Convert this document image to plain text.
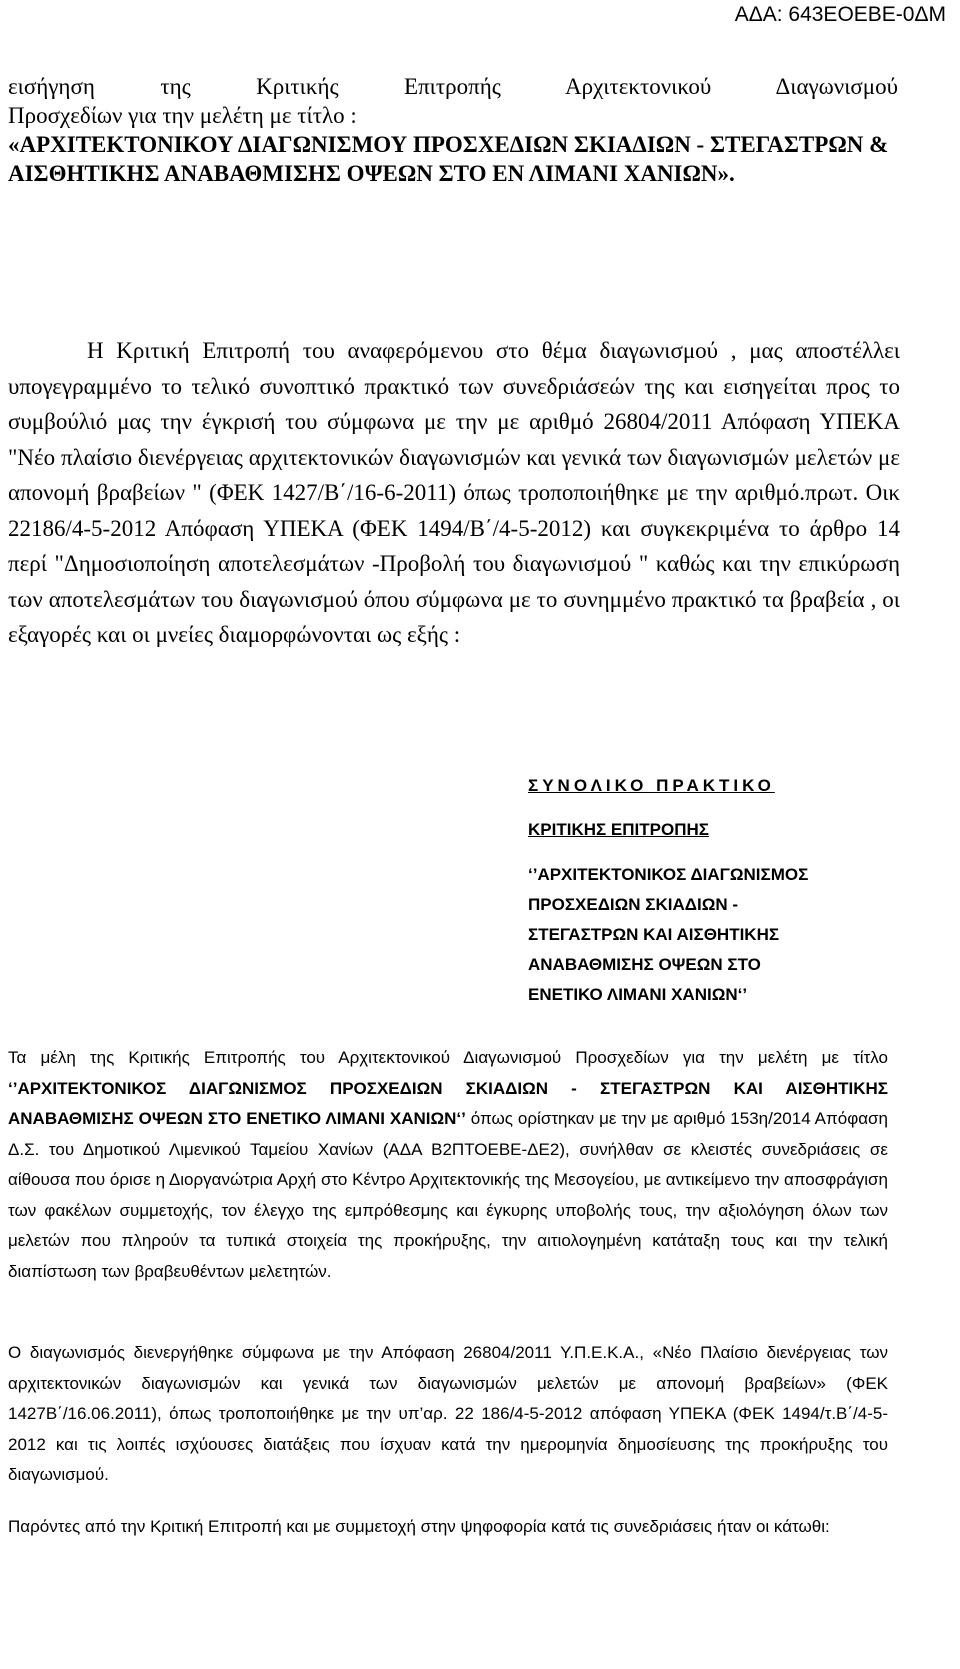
ΑΔΑ: 643ΕΟΕΒΕ-0ΔΜ
εισήγηση της Κριτικής Επιτροπής Αρχιτεκτονικού Διαγωνισμού
Προσχεδίων για την μελέτη με τίτλο :
«ΑΡΧΙΤΕΚΤΟΝΙΚΟΥ ΔΙΑΓΩΝΙΣΜΟΥ ΠΡΟΣΧΕΔΙΩΝ ΣΚΙΑΔΙΩΝ - ΣΤΕΓΑΣΤΡΩΝ & ΑΙΣΘΗΤΙΚΗΣ ΑΝΑΒΑΘΜΙΣΗΣ ΟΨΕΩΝ ΣΤΟ ΕΝ ΛΙΜΑΝΙ ΧΑΝΙΩΝ».
Η Κριτική Επιτροπή του αναφερόμενου στο θέμα διαγωνισμού , μας αποστέλλει υπογεγραμμένο το τελικό συνοπτικό πρακτικό των συνεδριάσεών της και εισηγείται προς το συμβούλιό μας την έγκρισή του σύμφωνα με την με αριθμό 26804/2011 Απόφαση ΥΠΕΚΑ "Νέο πλαίσιο διενέργειας αρχιτεκτονικών διαγωνισμών και γενικά των διαγωνισμών μελετών με απονομή βραβείων " (ΦΕΚ 1427/Β΄/16-6-2011) όπως τροποποιήθηκε με την αριθμό.πρωτ. Οικ 22186/4-5-2012 Απόφαση ΥΠΕΚΑ (ΦΕΚ 1494/Β΄/4-5-2012) και συγκεκριμένα το άρθρο 14 περί "Δημοσιοποίηση αποτελεσμάτων -Προβολή του διαγωνισμού " καθώς και την επικύρωση των αποτελεσμάτων του διαγωνισμού όπου σύμφωνα με το συνημμένο πρακτικό τα βραβεία , οι εξαγορές και οι μνείες διαμορφώνονται ως εξής :
ΣΥΝΟΛΙΚΟ ΠΡΑΚΤΙΚΟ
ΚΡΙΤΙΚΗΣ ΕΠΙΤΡΟΠΗΣ
‘’ΑΡΧΙΤΕΚΤΟΝΙΚΟΣ ΔΙΑΓΩΝΙΣΜΟΣ
ΠΡΟΣΧΕΔΙΩΝ ΣΚΙΑΔΙΩΝ -
ΣΤΕΓΑΣΤΡΩΝ ΚΑΙ ΑΙΣΘΗΤΙΚΗΣ
ΑΝΑΒΑΘΜΙΣΗΣ ΟΨΕΩΝ ΣΤΟ
ΕΝΕΤΙΚΟ ΛΙΜΑΝΙ ΧΑΝΙΩΝ‘’
Τα μέλη της Κριτικής Επιτροπής του Αρχιτεκτονικού Διαγωνισμού Προσχεδίων για την μελέτη με τίτλο ‘’ΑΡΧΙΤΕΚΤΟΝΙΚΟΣ ΔΙΑΓΩΝΙΣΜΟΣ ΠΡΟΣΧΕΔΙΩΝ ΣΚΙΑΔΙΩΝ - ΣΤΕΓΑΣΤΡΩΝ ΚΑΙ ΑΙΣΘΗΤΙΚΗΣ ΑΝΑΒΑΘΜΙΣΗΣ ΟΨΕΩΝ ΣΤΟ ΕΝΕΤΙΚΟ ΛΙΜΑΝΙ ΧΑΝΙΩΝ‘’ όπως ορίστηκαν με την με αριθμό 153η/2014 Απόφαση Δ.Σ. του Δημοτικού Λιμενικού Ταμείου Χανίων (ΑΔΑ Β2ΠΤΟΕΒΕ-ΔΕ2), συνήλθαν σε κλειστές συνεδριάσεις σε αίθουσα που όρισε η Διοργανώτρια Αρχή στο Κέντρο Αρχιτεκτονικής της Μεσογείου, με αντικείμενο την αποσφράγιση των φακέλων συμμετοχής, τον έλεγχο της εμπρόθεσμης και έγκυρης υποβολής τους, την αξιολόγηση όλων των μελετών που πληρούν τα τυπικά στοιχεία της προκήρυξης, την αιτιολογημένη κατάταξη τους και την τελική διαπίστωση των βραβευθέντων μελετητών.
Ο διαγωνισμός διενεργήθηκε σύμφωνα με την Απόφαση 26804/2011 Υ.Π.Ε.Κ.Α., «Νέο Πλαίσιο διενέργειας των αρχιτεκτονικών διαγωνισμών και γενικά των διαγωνισμών μελετών με απονομή βραβείων» (ΦΕΚ 1427Β΄/16.06.2011), όπως τροποποιήθηκε με την υπ’αρ. 22 186/4-5-2012 απόφαση ΥΠΕΚΑ (ΦΕΚ 1494/τ.Β΄/4-5-2012 και τις λοιπές ισχύουσες διατάξεις που ίσχυαν κατά την ημερομηνία δημοσίευσης της προκήρυξης του διαγωνισμού.
Παρόντες από την Κριτική Επιτροπή και με συμμετοχή στην ψηφοφορία κατά τις συνεδριάσεις ήταν οι κάτωθι:
